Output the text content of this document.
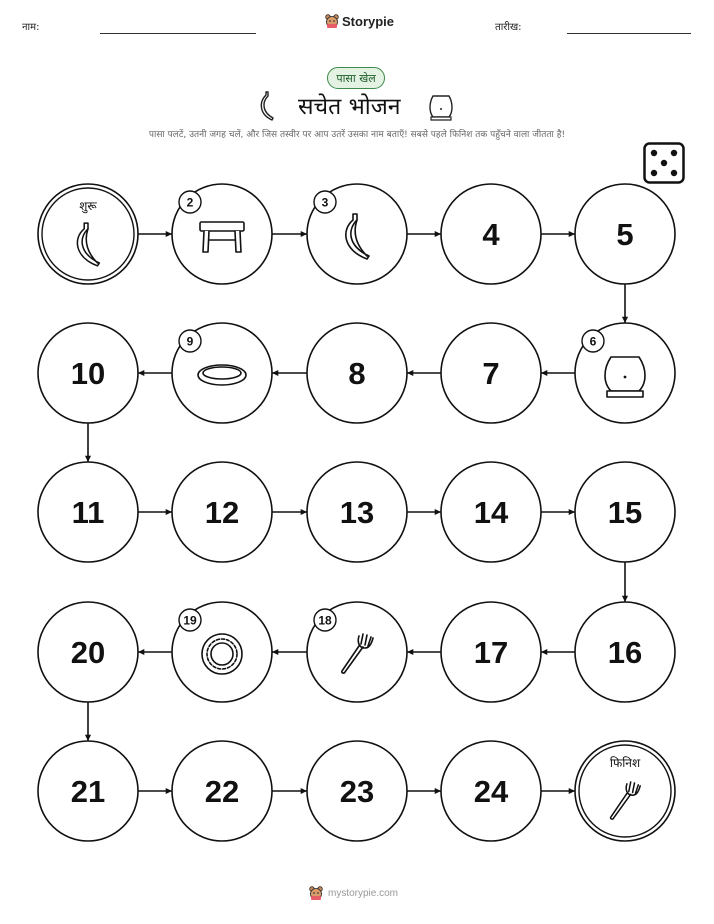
नाम:	Storypie	तारीख:
पासा खेल
सचेत भोजन
पासा पलटें, उतनी जगह चलें, और जिस तस्वीर पर आप उतरें उसका नाम बताएँ! सबसे पहले फिनिश तक पहुँचने वाला जीतता है!
शुरू	2	3
4	5
6
7
8
9
10
11	12	13	14	15
16
17
18
19
20
21	22	23	24
फिनिश
mystorypie.com
